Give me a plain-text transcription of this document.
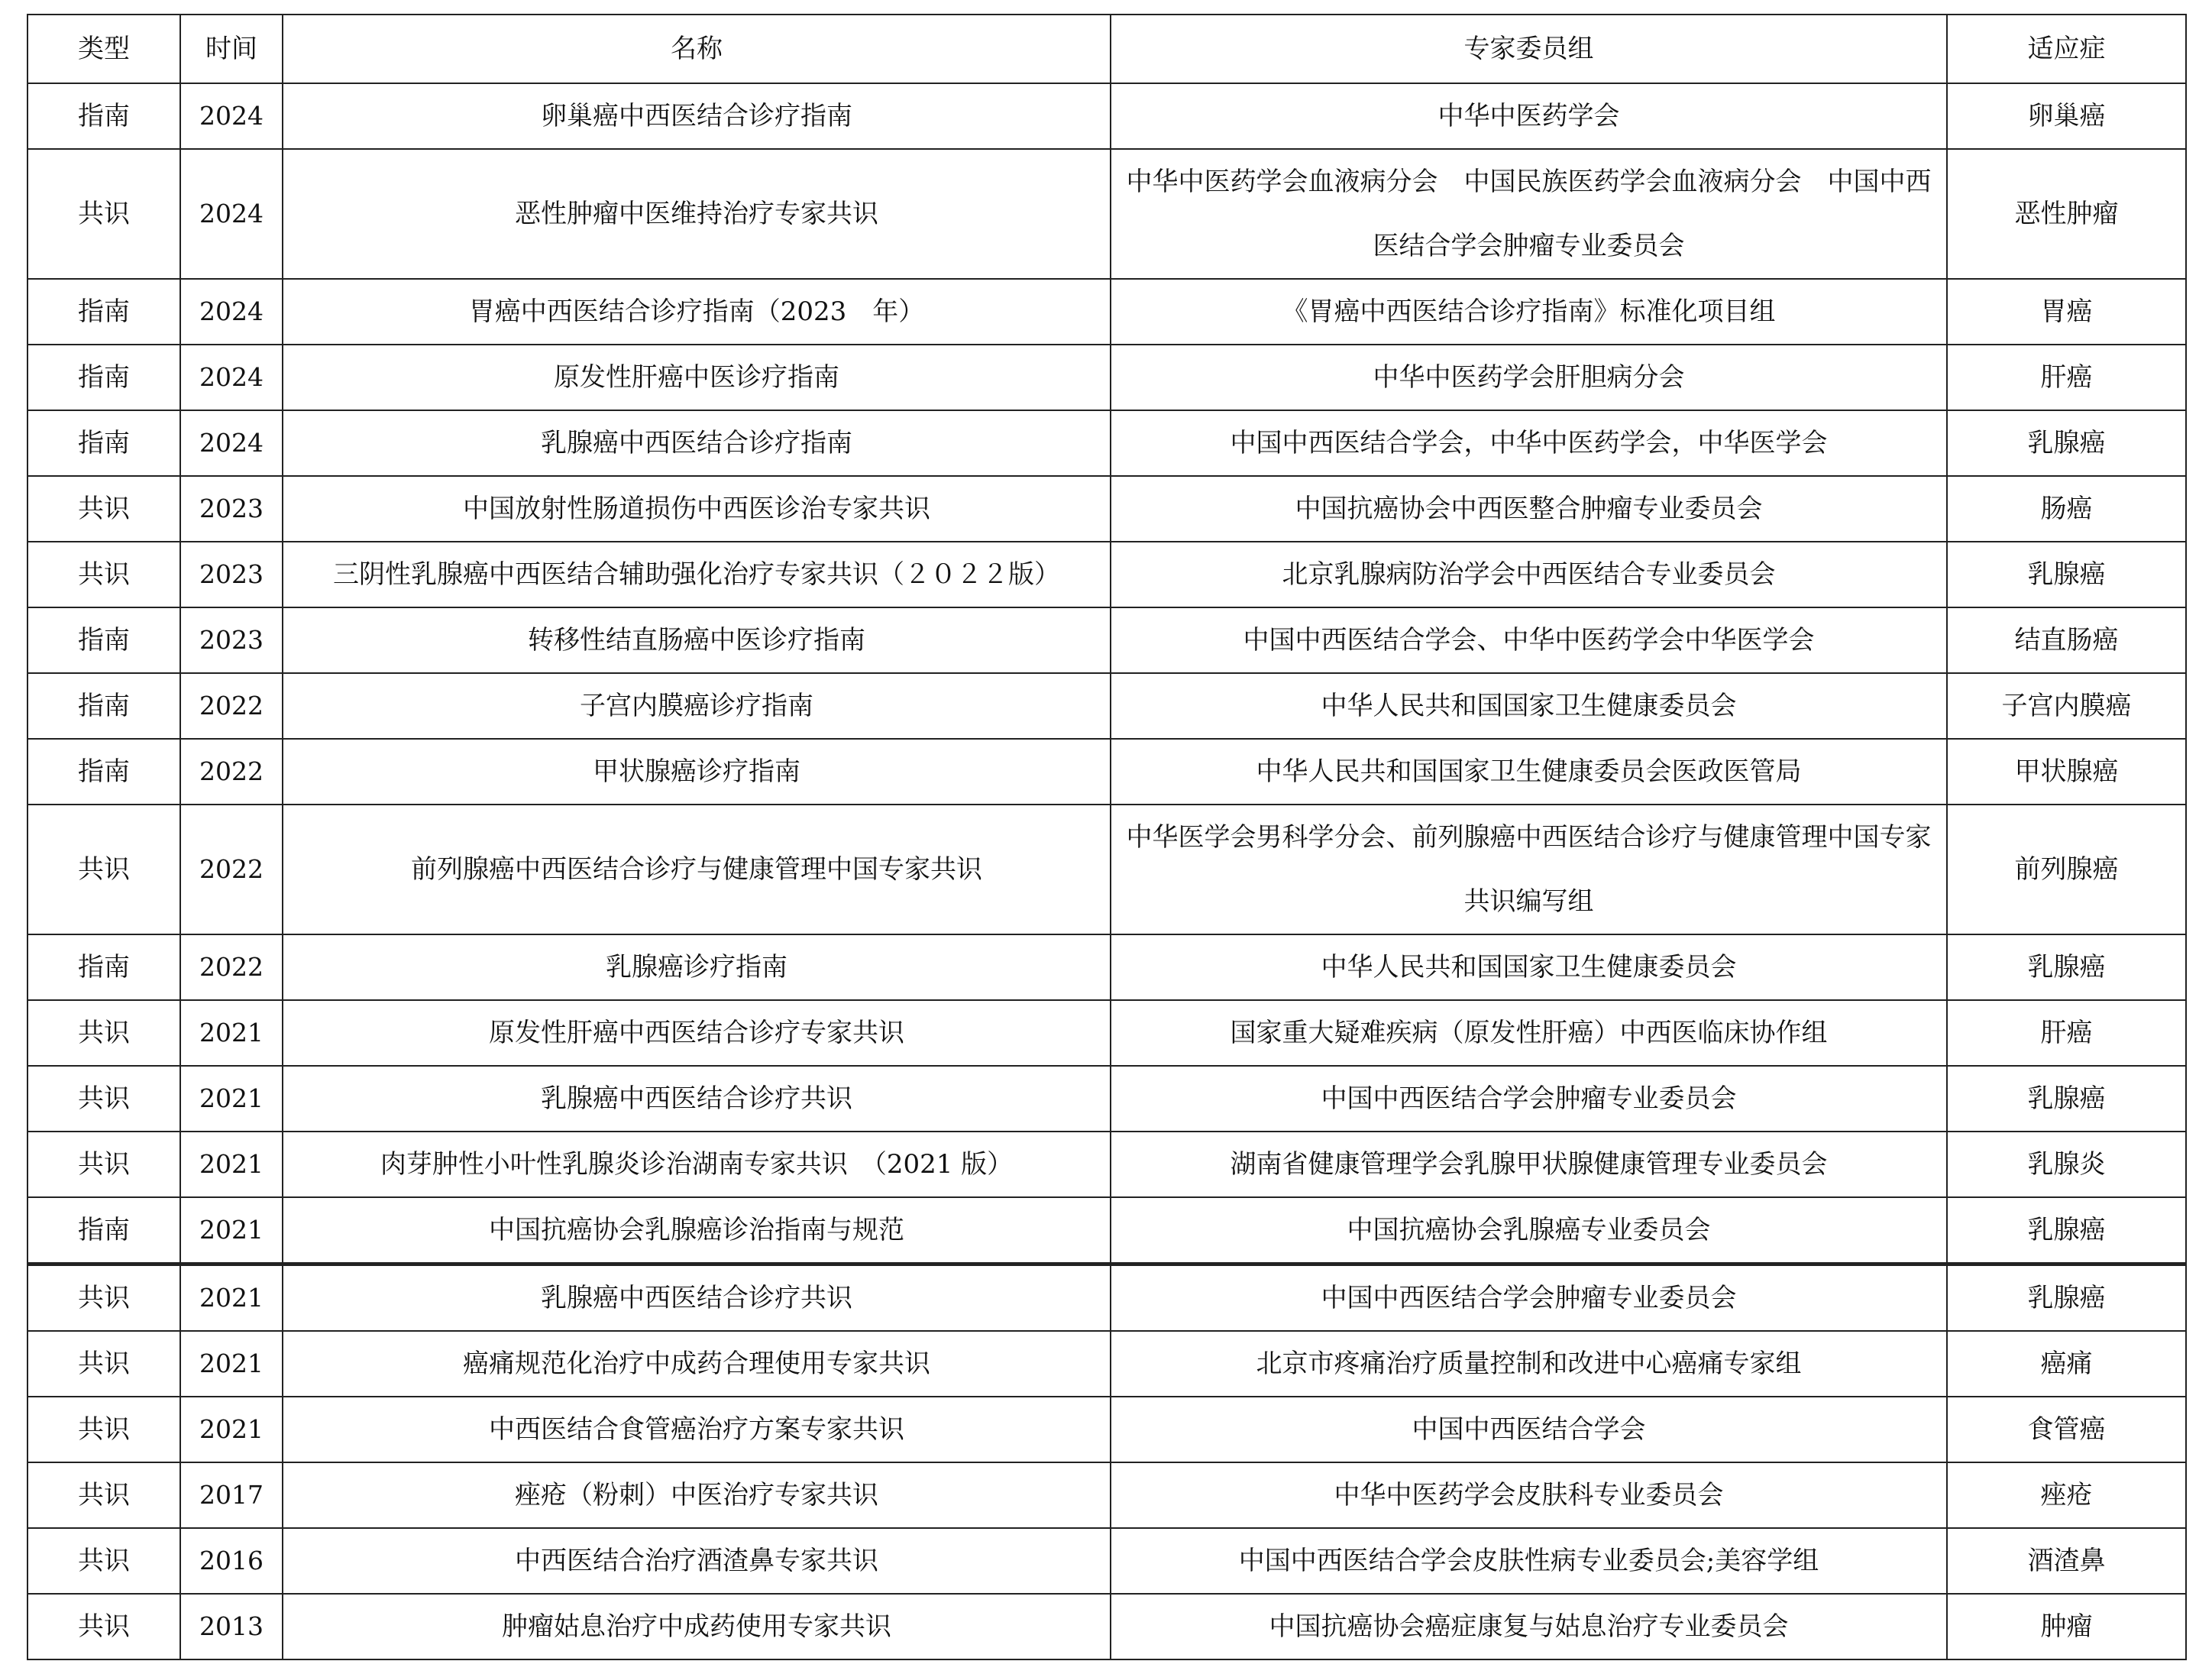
类型	时间	名称	专家委员组	适应症
指南	2024	卵巢癌中西医结合诊疗指南	中华中医药学会	卵巢癌
共识	2024	恶性肿瘤中医维持治疗专家共识	中华中医药学会血液病分会　中国民族医药学会血液病分会　中国中西医结合学会肿瘤专业委员会	恶性肿瘤
指南	2024	胃癌中西医结合诊疗指南（2023　年）	《胃癌中西医结合诊疗指南》标准化项目组	胃癌
指南	2024	原发性肝癌中医诊疗指南	中华中医药学会肝胆病分会	肝癌
指南	2024	乳腺癌中西医结合诊疗指南	中国中西医结合学会，中华中医药学会，中华医学会	乳腺癌
共识	2023	中国放射性肠道损伤中西医诊治专家共识	中国抗癌协会中西医整合肿瘤专业委员会	肠癌
共识	2023	三阴性乳腺癌中西医结合辅助强化治疗专家共识（２０２２版）	北京乳腺病防治学会中西医结合专业委员会	乳腺癌
指南	2023	转移性结直肠癌中医诊疗指南	中国中西医结合学会、中华中医药学会中华医学会	结直肠癌
指南	2022	子宫内膜癌诊疗指南	中华人民共和国国家卫生健康委员会	子宫内膜癌
指南	2022	甲状腺癌诊疗指南	中华人民共和国国家卫生健康委员会医政医管局	甲状腺癌
共识	2022	前列腺癌中西医结合诊疗与健康管理中国专家共识	中华医学会男科学分会、前列腺癌中西医结合诊疗与健康管理中国专家共识编写组	前列腺癌
指南	2022	乳腺癌诊疗指南	中华人民共和国国家卫生健康委员会	乳腺癌
共识	2021	原发性肝癌中西医结合诊疗专家共识	国家重大疑难疾病（原发性肝癌）中西医临床协作组	肝癌
共识	2021	乳腺癌中西医结合诊疗共识	中国中西医结合学会肿瘤专业委员会	乳腺癌
共识	2021	肉芽肿性小叶性乳腺炎诊治湖南专家共识　（2021 版）	湖南省健康管理学会乳腺甲状腺健康管理专业委员会	乳腺炎
指南	2021	中国抗癌协会乳腺癌诊治指南与规范	中国抗癌协会乳腺癌专业委员会	乳腺癌
共识	2021	乳腺癌中西医结合诊疗共识	中国中西医结合学会肿瘤专业委员会	乳腺癌
共识	2021	癌痛规范化治疗中成药合理使用专家共识	北京市疼痛治疗质量控制和改进中心癌痛专家组	癌痛
共识	2021	中西医结合食管癌治疗方案专家共识	中国中西医结合学会	食管癌
共识	2017	痤疮（粉刺）中医治疗专家共识	中华中医药学会皮肤科专业委员会	痤疮
共识	2016	中西医结合治疗酒渣鼻专家共识	中国中西医结合学会皮肤性病专业委员会;美容学组	酒渣鼻
共识	2013	肿瘤姑息治疗中成药使用专家共识	中国抗癌协会癌症康复与姑息治疗专业委员会	肿瘤
